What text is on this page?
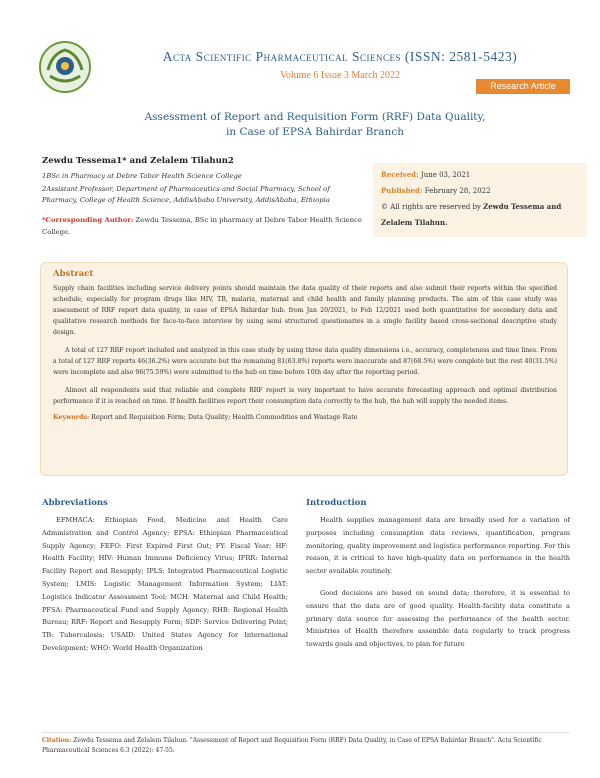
Acta Scientific Pharmaceutical Sciences (ISSN: 2581-5423)
Volume 6 Issue 3 March 2022
Research Article
Assessment of Report and Requisition Form (RRF) Data Quality,
in Case of EPSA Bahirdar Branch
Zewdu Tessema1* and Zelalem Tilahun2
1BSc in Pharmacy at Debre Tabor Health Science College
2Assistant Professor, Department of Pharmaceutics and Social Pharmacy, School of Pharmacy, College of Health Science, AddisAbaba University, AddisAbaba, Ethiopia
*Corresponding Author: Zewdu Tessema, BSc in pharmacy at Debre Tabor Health Science College.
Received: June 03, 2021
Published: February 28, 2022
© All rights are reserved by Zewdu Tessema and Zelalem Tilahun.
Abstract

Supply chain facilities including service delivery points should maintain the data quality of their reports and also submit their reports within the specified schedule, especially for program drugs like HIV, TB, malaria, maternal and child health and family planning products. The aim of this case study was assessment of RRF report data quality, in case of EPSA Bahirdar hub. from Jan 20/2021, to Feb 12/2021 used both quantitative for secondary data and qualitative research methods for face-to-face interview by using semi structured questionaries in a single facility based cross-sectional descriptive study design.

A total of 127 RRF report included and analyzed in this case study by using three data quality dimensions i.e., accuracy, completeness and time lines. From a total of 127 RRF reports 46(36.2%) were accurate but the remaining 81(63.8%) reports were inaccurate and 87(68.5%) were complete but the rest 40(31.5%) were incomplete and also 96(75.59%) were submitted to the hub on time before 10th day after the reporting period.

Almost all respondents said that reliable and complete RRF report is very important to have accurate forecasting approach and optimal distribution performance if it is reached on time. If health facilities report their consumption data correctly to the hub, the hub will supply the needed items.

Keywords: Report and Requisition Form; Data Quality; Health Commodities and Wastage Rate
Abbreviations

EFMHACA: Ethiopian Food, Medicine and Health Care Administration and Control Agency; EPSA: Ethiopian Pharmaceutical Supply Agency; FEFO: First Expired First Out; FY: Fiscal Year; HF: Health Facility; HIV: Human Immune Deficiency Virus; IFRR: Internal Facility Report and Resupply; IPLS: Integrated Pharmaceutical Logistic System; LMIS: Logistic Management Information System; LIAT: Logistics Indicator Assessment Tool; MCH: Maternal and Child Health; PFSA: Pharmaceutical Fund and Supply Agency; RHB: Regional Health Bureau; RRF: Report and Resupply Form; SDP: Service Delivering Point; TB: Tuberculosis; USAID: United States Agency for International Development; WHO: World Health Organization

Introduction

Health supplies management data are broadly used for a variation of purposes including consumption data reviews, quantification, program monitoring, quality improvement and logistics performance reporting. For this reason, it is critical to have high-quality data on performance in the health sector available routinely.

Good decisions are based on sound data; therefore, it is essential to ensure that the data are of good quality. Health-facility data constitute a primary data source for assessing the performance of the health sector. Ministries of Health therefore assemble data regularly to track progress towards goals and objectives, to plan for future

Citation: Zewdu Tessema and Zelalem Tilahun. "Assessment of Report and Requisition Form (RRF) Data Quality, in Case of EPSA Bahirdar Branch". Acta Scientific Pharmaceutical Sciences 6.3 (2022): 47-55.
